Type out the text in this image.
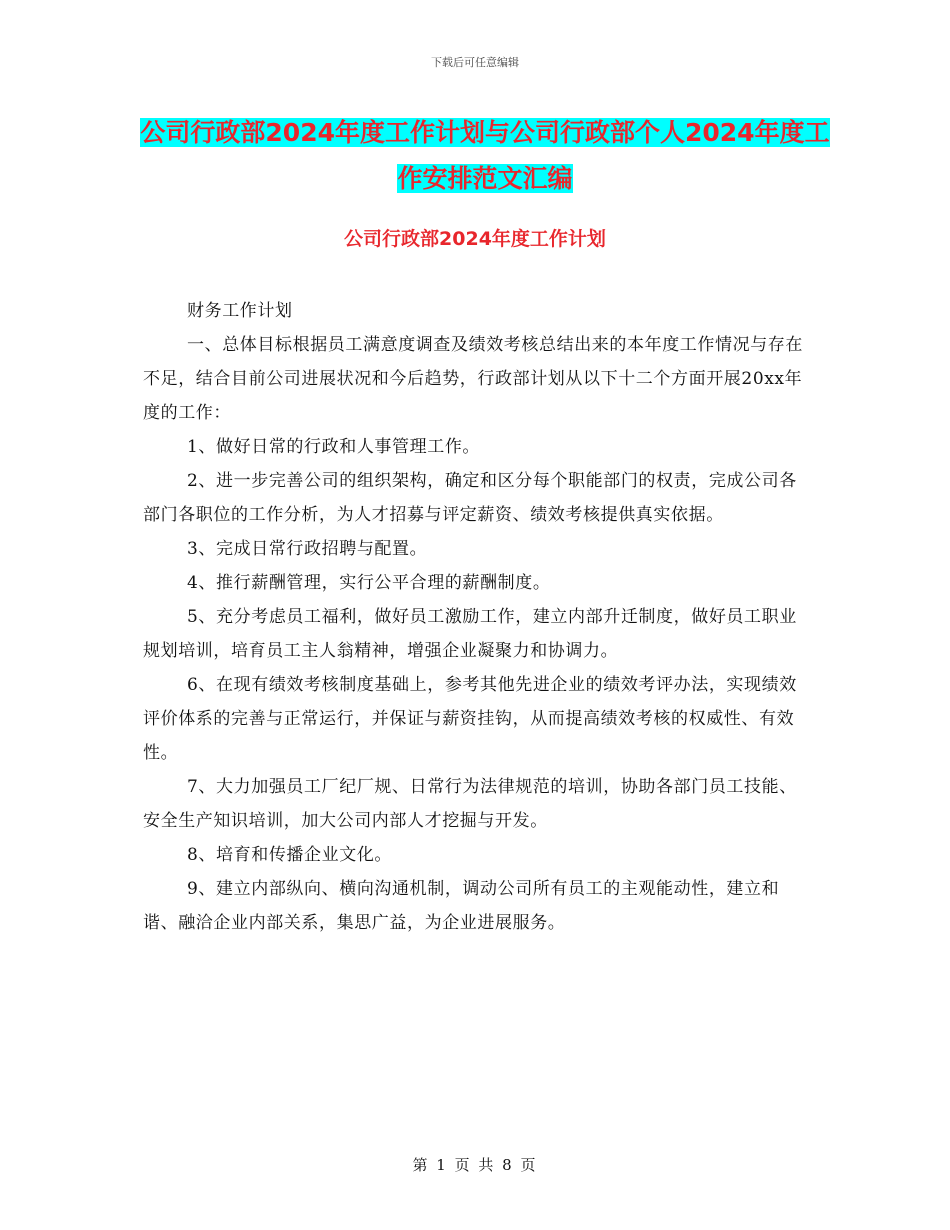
下载后可任意编辑
公司行政部2024年度工作计划与公司行政部个人2024年度工作安排范文汇编
公司行政部2024年度工作计划

财务工作计划

一、总体目标根据员工满意度调查及绩效考核总结出来的本年度工作情况与存在不足，结合目前公司进展状况和今后趋势，行政部计划从以下十二个方面开展20xx年度的工作：

1、做好日常的行政和人事管理工作。

2、进一步完善公司的组织架构，确定和区分每个职能部门的权责，完成公司各部门各职位的工作分析，为人才招募与评定薪资、绩效考核提供真实依据。

3、完成日常行政招聘与配置。

4、推行薪酬管理，实行公平合理的薪酬制度。

5、充分考虑员工福利，做好员工激励工作，建立内部升迁制度，做好员工职业规划培训，培育员工主人翁精神，增强企业凝聚力和协调力。

6、在现有绩效考核制度基础上，参考其他先进企业的绩效考评办法，实现绩效评价体系的完善与正常运行，并保证与薪资挂钩，从而提高绩效考核的权威性、有效性。

7、大力加强员工厂纪厂规、日常行为法律规范的培训，协助各部门员工技能、安全生产知识培训，加大公司内部人才挖掘与开发。

8、培育和传播企业文化。

9、建立内部纵向、横向沟通机制，调动公司所有员工的主观能动性，建立和谐、融洽企业内部关系，集思广益，为企业进展服务。

第 1 页 共 8 页
